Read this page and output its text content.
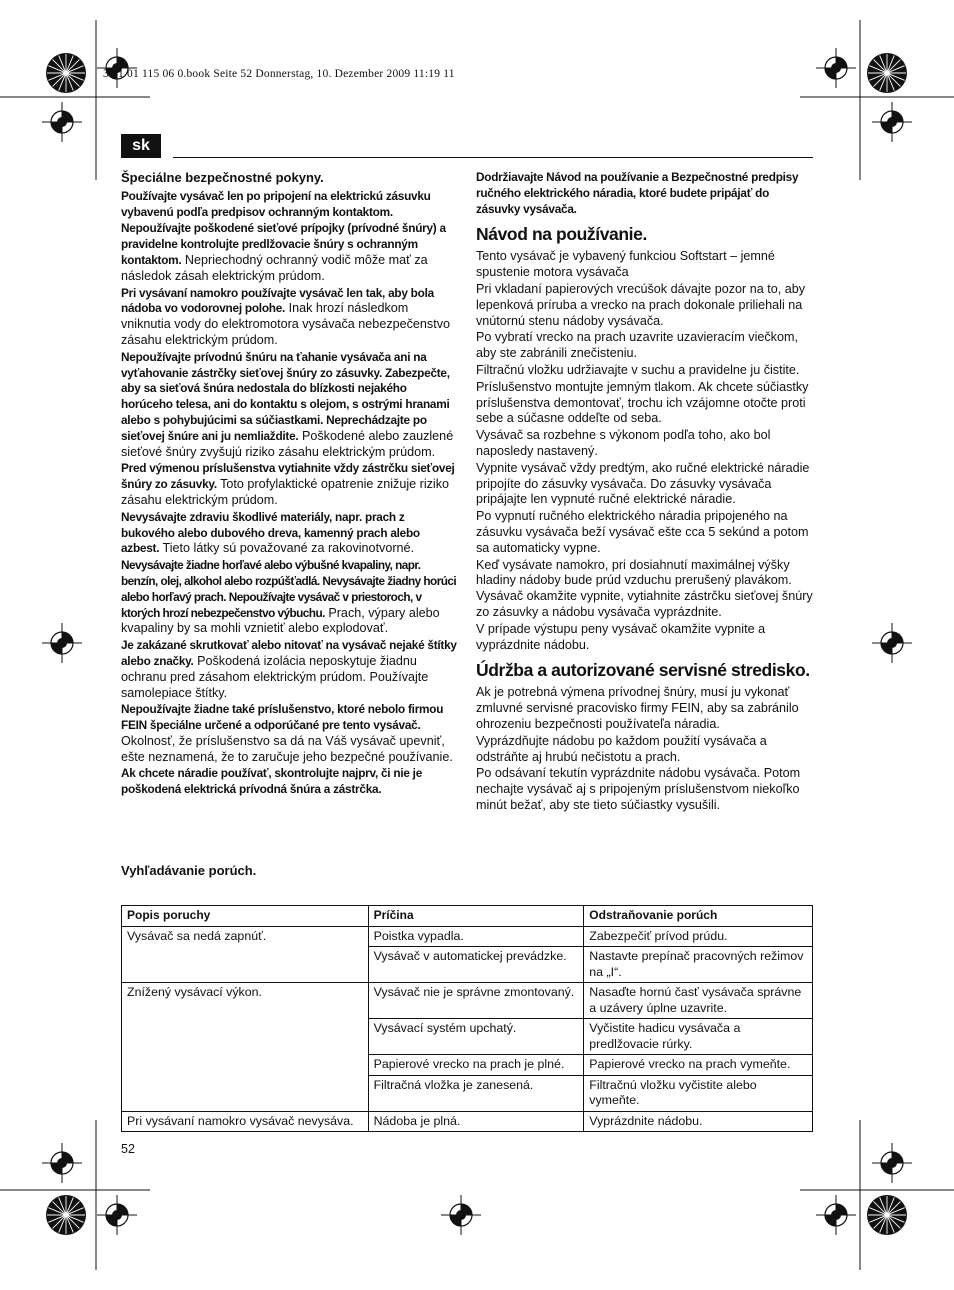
3 41 01 115 06 0.book Seite 52 Donnerstag, 10. Dezember 2009 11:19 11
sk

Špeciálne bezpečnostné pokyny.

Používajte vysávač len po pripojení na elektrickú zásuvku vybavenú podľa predpisov ochranným kontaktom.

Nepoužívajte poškodené sieťové prípojky (prívodné šnúry) a pravidelne kontrolujte predlžovacie šnúry s ochranným kontaktom. Nepriechodný ochranný vodič môže mať za následok zásah elektrickým prúdom.

Pri vysávaní namokro používajte vysávač len tak, aby bola nádoba vo vodorovnej polohe. Inak hrozí následkom vniknutia vody do elektromotora vysávača nebezpečenstvo zásahu elektrickým prúdom.

Nepoužívajte prívodnú šnúru na ťahanie vysávača ani na vyťahovanie zástrčky sieťovej šnúry zo zásuvky. Zabezpečte, aby sa sieťová šnúra nedostala do blízkosti nejakého horúceho telesa, ani do kontaktu s olejom, s ostrými hranami alebo s pohybujúcimi sa súčiastkami. Neprechádzajte po sieťovej šnúre ani ju nemliaždite. Poškodené alebo zauzlené sieťové šnúry zvyšujú riziko zásahu elektrickým prúdom.

Pred výmenou príslušenstva vytiahnite vždy zástrčku sieťovej šnúry zo zásuvky. Toto profylaktické opatrenie znižuje riziko zásahu elektrickým prúdom.

Nevysávajte zdraviu škodlivé materiály, napr. prach z bukového alebo dubového dreva, kamenný prach alebo azbest. Tieto látky sú považované za rakovinotvorné.

Nevysávajte žiadne horľavé alebo výbušné kvapaliny, napr. benzín, olej, alkohol alebo rozpúšťadlá. Nevysávajte žiadny horúci alebo horľavý prach. Nepoužívajte vysávač v priestoroch, v ktorých hrozí nebezpečenstvo výbuchu. Prach, výpary alebo kvapaliny by sa mohli vznietiť alebo explodovať.

Je zakázané skrutkovať alebo nitovať na vysávač nejaké štítky alebo značky. Poškodená izolácia neposkytuje žiadnu ochranu pred zásahom elektrickým prúdom. Používajte samolepiace štítky.

Nepoužívajte žiadne také príslušenstvo, ktoré nebolo firmou FEIN špeciálne určené a odporúčané pre tento vysávač. Okolnosť, že príslušenstvo sa dá na Váš vysávač upevniť, ešte neznamená, že to zaručuje jeho bezpečné používanie.

Ak chcete náradie používať, skontrolujte najprv, či nie je poškodená elektrická prívodná šnúra a zástrčka.

Dodržiavajte Návod na používanie a Bezpečnostné predpisy ručného elektrického náradia, ktoré budete pripájať do zásuvky vysávača.

Návod na používanie.

Tento vysávač je vybavený funkciou Softstart – jemné spustenie motora vysávača

Pri vkladaní papierových vrecúšok dávajte pozor na to, aby lepenková príruba a vrecko na prach dokonale priliehali na vnútornú stenu nádoby vysávača.

Po vybratí vrecko na prach uzavrite uzavieracím viečkom, aby ste zabránili znečisteniu.

Filtračnú vložku udržiavajte v suchu a pravidelne ju čistite.

Príslušenstvo montujte jemným tlakom. Ak chcete súčiastky príslušenstva demontovať, trochu ich vzájomne otočte proti sebe a súčasne oddeľte od seba.

Vysávač sa rozbehne s výkonom podľa toho, ako bol naposledy nastavený.

Vypnite vysávač vždy predtým, ako ručné elektrické náradie pripojíte do zásuvky vysávača. Do zásuvky vysávača pripájajte len vypnuté ručné elektrické náradie.

Po vypnutí ručného elektrického náradia pripojeného na zásuvku vysávača beží vysávač ešte cca 5 sekúnd a potom sa automaticky vypne.

Keď vysávate namokro, pri dosiahnutí maximálnej výšky hladiny nádoby bude prúd vzduchu prerušený plavákom. Vysávač okamžite vypnite, vytiahnite zástrčku sieťovej šnúry zo zásuvky a nádobu vysávača vyprázdnite.

V prípade výstupu peny vysávač okamžite vypnite a vyprázdnite nádobu.

Údržba a autorizované servisné stredisko.

Ak je potrebná výmena prívodnej šnúry, musí ju vykonať zmluvné servisné pracovisko firmy FEIN, aby sa zabránilo ohrozeniu bezpečnosti používateľa náradia.

Vyprázdňujte nádobu po každom použití vysávača a odstráňte aj hrubú nečistotu a prach.

Po odsávaní tekutín vyprázdnite nádobu vysávača. Potom nechajte vysávač aj s pripojeným príslušenstvom niekoľko minút bežať, aby ste tieto súčiastky vysušili.

Vyhľadávanie porúch.
Popis poruchy	Príčina	Odstraňovanie porúch
Vysávač sa nedá zapnúť.	Poistka vypadla.	Zabezpečiť prívod prúdu.
	Vysávač v automatickej prevádzke.	Nastavte prepínač pracovných režimov na „I“.
Znížený vysávací výkon.	Vysávač nie je správne zmontovaný.	Nasaďte hornú časť vysávača správne a uzávery úplne uzavrite.
	Vysávací systém upchatý.	Vyčistite hadicu vysávača a predlžovacie rúrky.
	Papierové vrecko na prach je plné.	Papierové vrecko na prach vymeňte.
	Filtračná vložka je zanesená.	Filtračnú vložku vyčistite alebo vymeňte.
Pri vysávaní namokro vysávač nevysáva.	Nádoba je plná.	Vyprázdnite nádobu.
52
